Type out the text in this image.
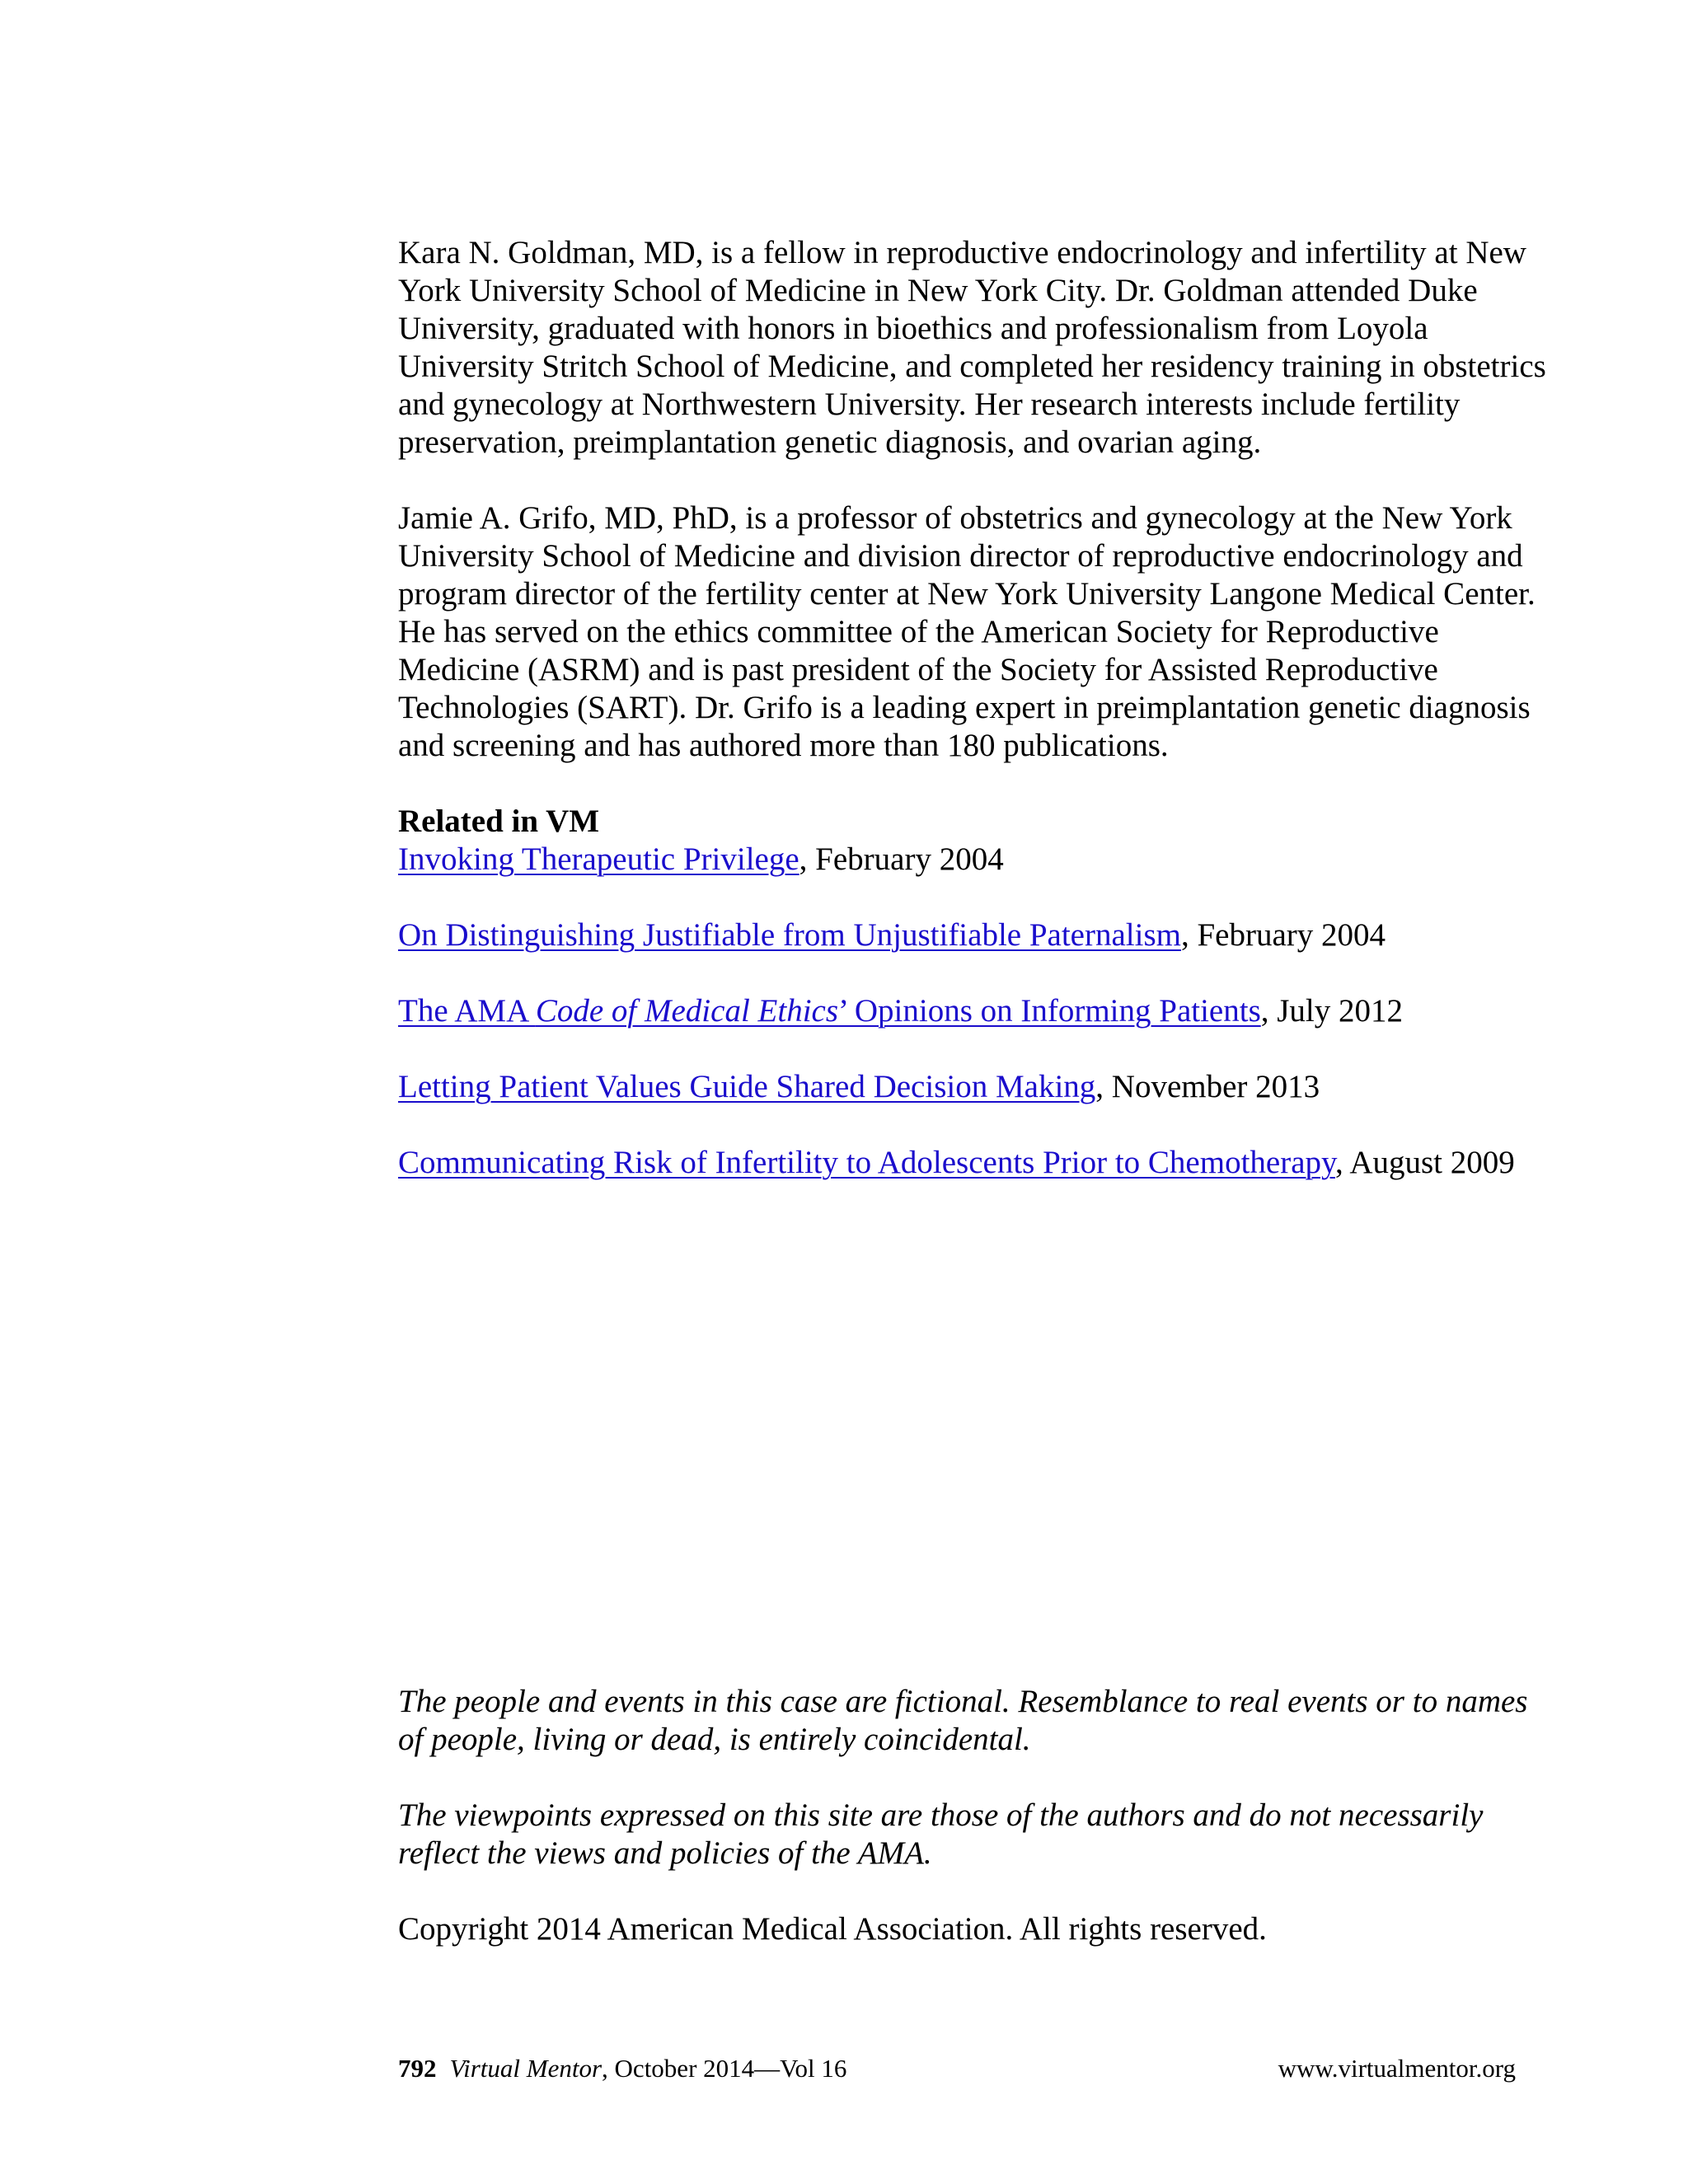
Kara N. Goldman, MD, is a fellow in reproductive endocrinology and infertility at New York University School of Medicine in New York City. Dr. Goldman attended Duke University, graduated with honors in bioethics and professionalism from Loyola University Stritch School of Medicine, and completed her residency training in obstetrics and gynecology at Northwestern University. Her research interests include fertility preservation, preimplantation genetic diagnosis, and ovarian aging.

Jamie A. Grifo, MD, PhD, is a professor of obstetrics and gynecology at the New York University School of Medicine and division director of reproductive endocrinology and program director of the fertility center at New York University Langone Medical Center. He has served on the ethics committee of the American Society for Reproductive Medicine (ASRM) and is past president of the Society for Assisted Reproductive Technologies (SART). Dr. Grifo is a leading expert in preimplantation genetic diagnosis and screening and has authored more than 180 publications.

Related in VM

Invoking Therapeutic Privilege, February 2004

On Distinguishing Justifiable from Unjustifiable Paternalism, February 2004

The AMA Code of Medical Ethics’ Opinions on Informing Patients, July 2012

Letting Patient Values Guide Shared Decision Making, November 2013

Communicating Risk of Infertility to Adolescents Prior to Chemotherapy, August 2009

The people and events in this case are fictional. Resemblance to real events or to names of people, living or dead, is entirely coincidental.

The viewpoints expressed on this site are those of the authors and do not necessarily reflect the views and policies of the AMA.

Copyright 2014 American Medical Association. All rights reserved.

792 Virtual Mentor, October 2014—Vol 16	www.virtualmentor.org
